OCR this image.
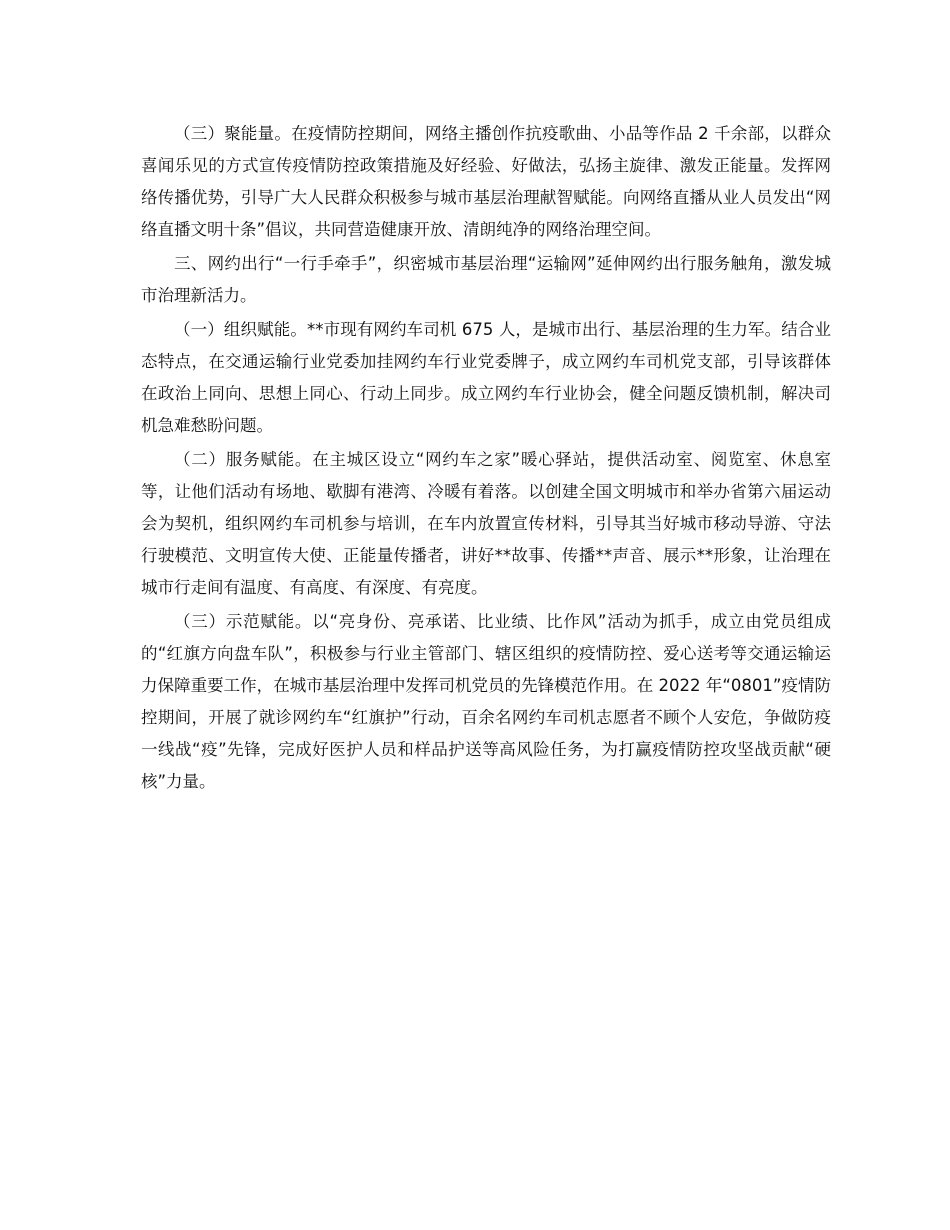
（三）聚能量。在疫情防控期间，网络主播创作抗疫歌曲、小品等作品 2 千余部，以群众喜闻乐见的方式宣传疫情防控政策措施及好经验、好做法，弘扬主旋律、激发正能量。发挥网络传播优势，引导广大人民群众积极参与城市基层治理献智赋能。向网络直播从业人员发出“网络直播文明十条”倡议，共同营造健康开放、清朗纯净的网络治理空间。

三、网约出行“一行手牵手”，织密城市基层治理“运输网”延伸网约出行服务触角，激发城市治理新活力。

（一）组织赋能。**市现有网约车司机 675 人，是城市出行、基层治理的生力军。结合业态特点，在交通运输行业党委加挂网约车行业党委牌子，成立网约车司机党支部，引导该群体在政治上同向、思想上同心、行动上同步。成立网约车行业协会，健全问题反馈机制，解决司机急难愁盼问题。

（二）服务赋能。在主城区设立“网约车之家”暖心驿站，提供活动室、阅览室、休息室等，让他们活动有场地、歇脚有港湾、冷暖有着落。以创建全国文明城市和举办省第六届运动会为契机，组织网约车司机参与培训，在车内放置宣传材料，引导其当好城市移动导游、守法行驶模范、文明宣传大使、正能量传播者，讲好**故事、传播**声音、展示**形象，让治理在城市行走间有温度、有高度、有深度、有亮度。

（三）示范赋能。以“亮身份、亮承诺、比业绩、比作风”活动为抓手，成立由党员组成的“红旗方向盘车队”，积极参与行业主管部门、辖区组织的疫情防控、爱心送考等交通运输运力保障重要工作，在城市基层治理中发挥司机党员的先锋模范作用。在 2022 年“0801”疫情防控期间，开展了就诊网约车“红旗护”行动，百余名网约车司机志愿者不顾个人安危，争做防疫一线战“疫”先锋，完成好医护人员和样品护送等高风险任务，为打赢疫情防控攻坚战贡献“硬核”力量。
